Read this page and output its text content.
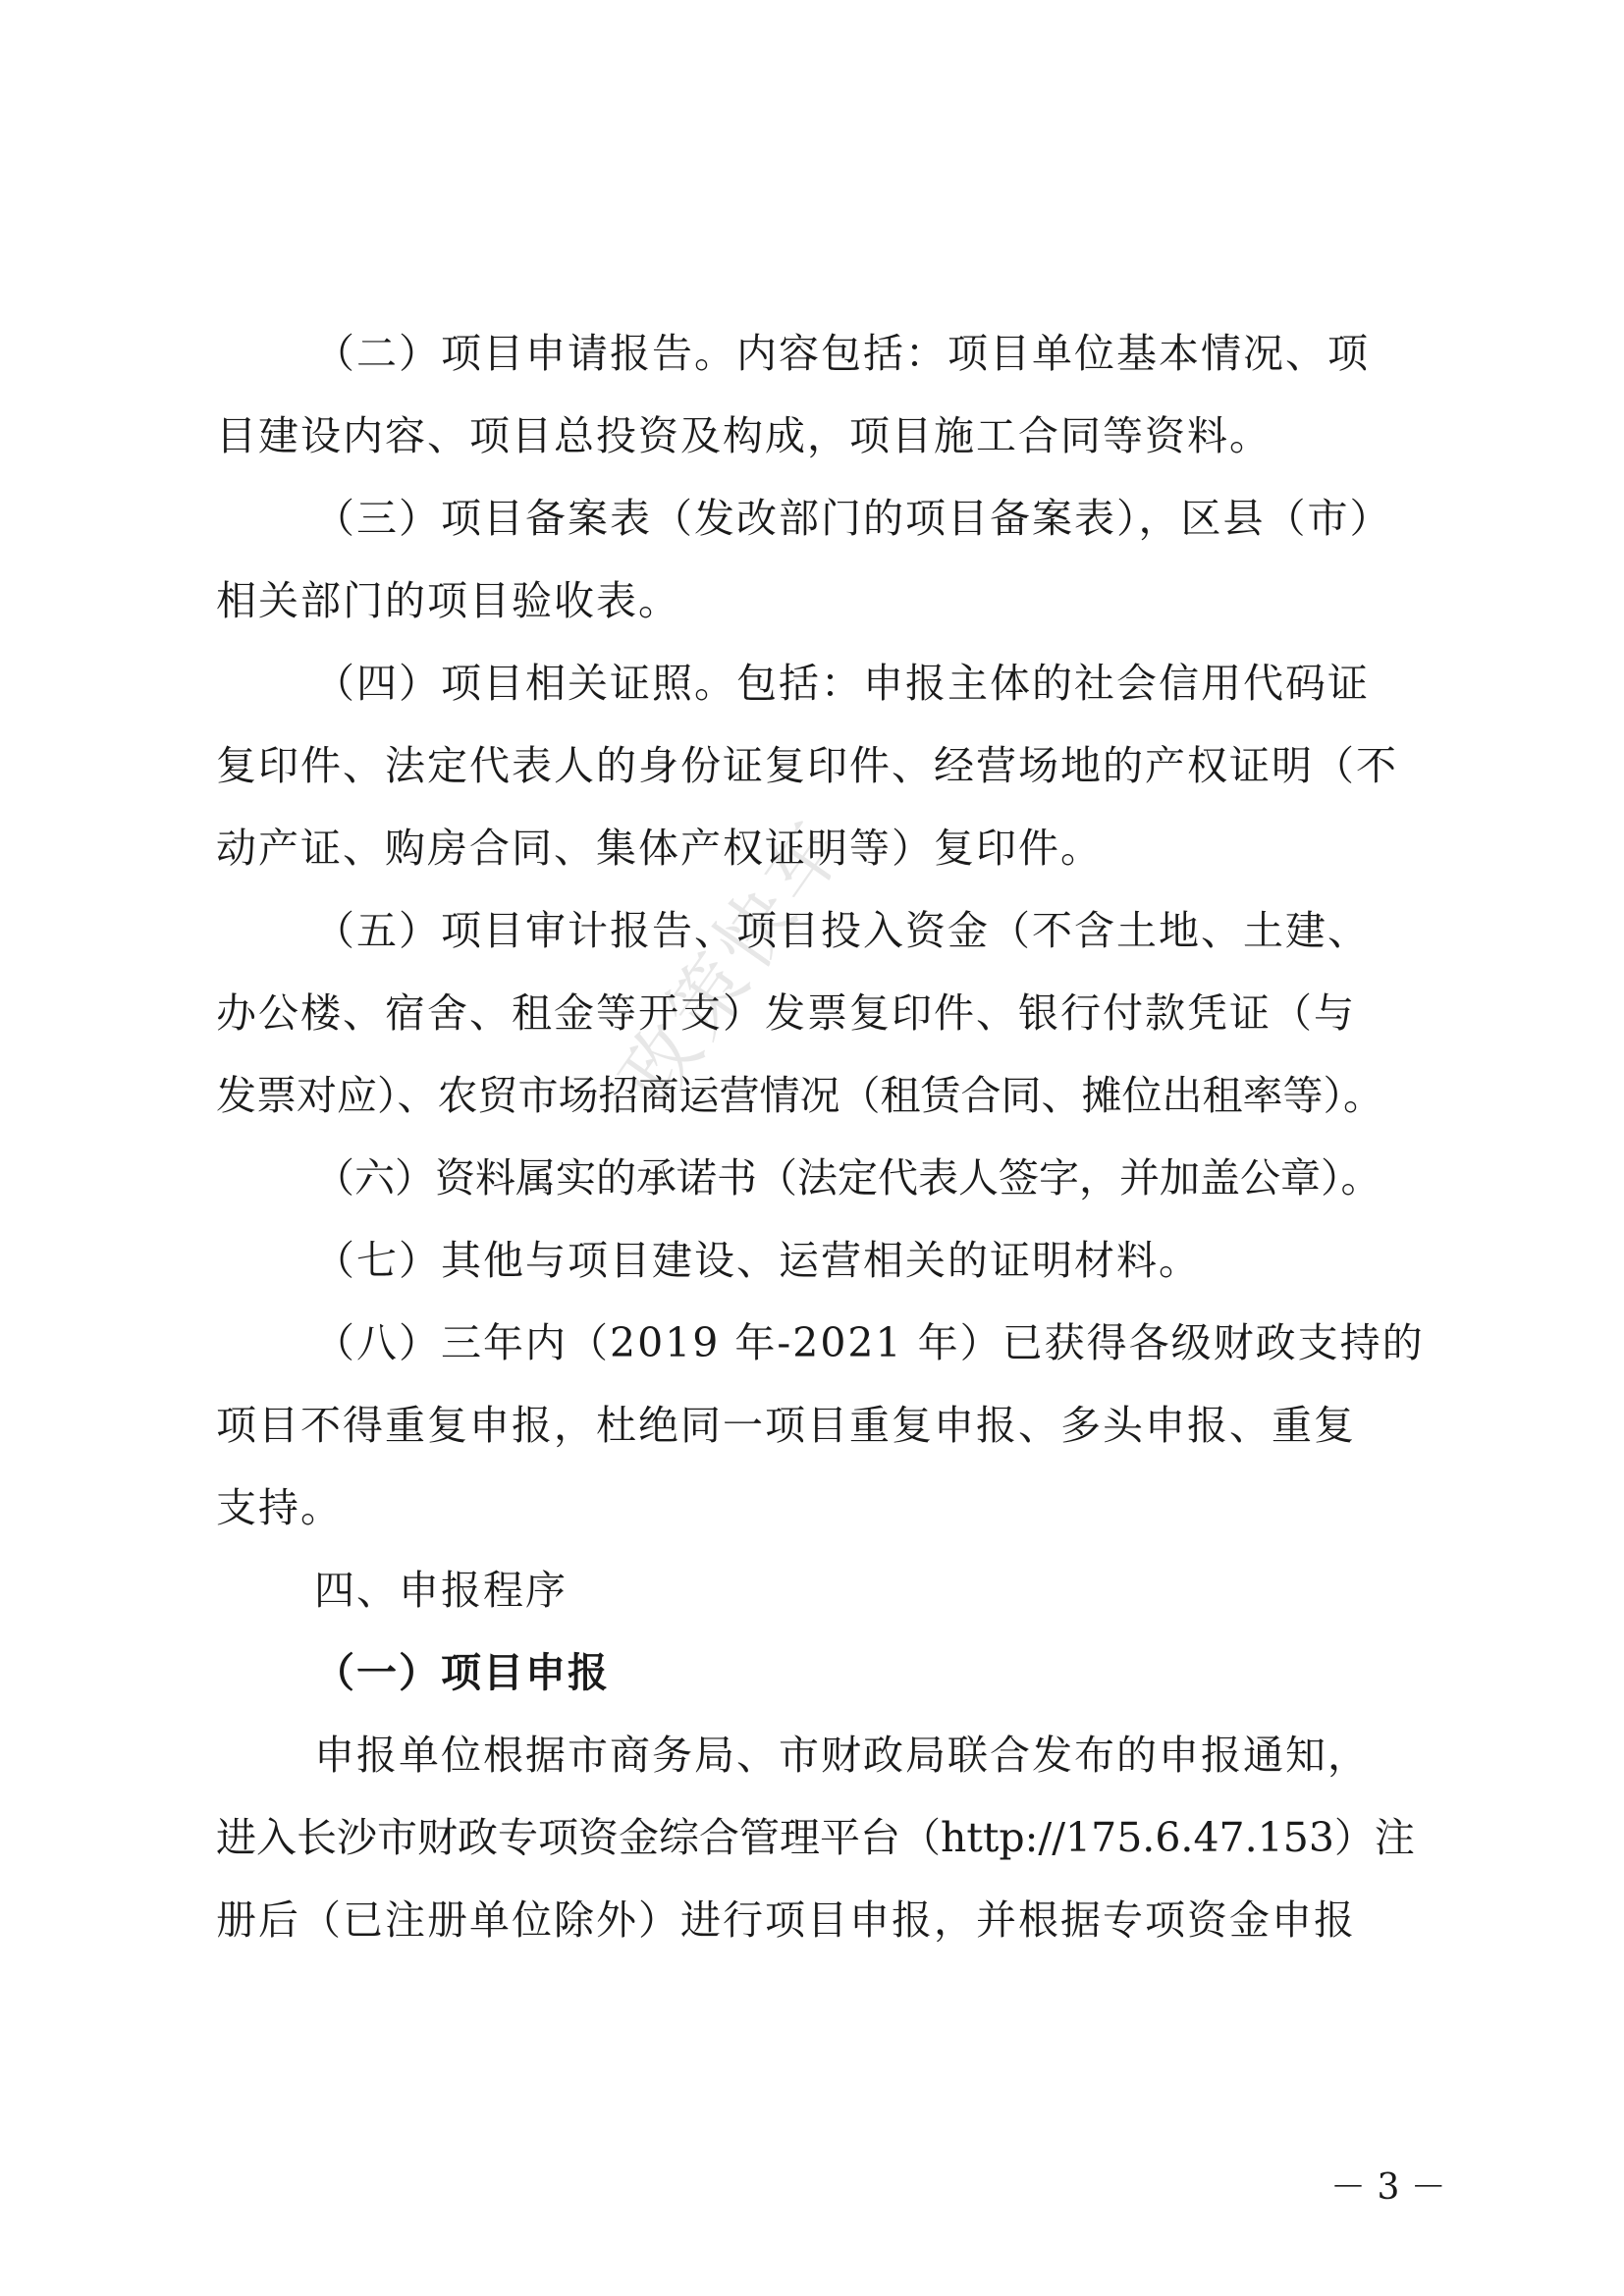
政策快车
（二）项目申请报告。内容包括：项目单位基本情况、项
目建设内容、项目总投资及构成，项目施工合同等资料。
（三）项目备案表（发改部门的项目备案表），区县（市）
相关部门的项目验收表。
（四）项目相关证照。包括：申报主体的社会信用代码证
复印件、法定代表人的身份证复印件、经营场地的产权证明（不
动产证、购房合同、集体产权证明等）复印件。
（五）项目审计报告、项目投入资金（不含土地、土建、
办公楼、宿舍、租金等开支）发票复印件、银行付款凭证（与
发票对应）、农贸市场招商运营情况（租赁合同、摊位出租率等）。
（六）资料属实的承诺书（法定代表人签字，并加盖公章）。
（七）其他与项目建设、运营相关的证明材料。
（八）三年内（2019 年-2021 年）已获得各级财政支持的
项目不得重复申报，杜绝同一项目重复申报、多头申报、重复
支持。
四、申报程序
（一）项目申报
申报单位根据市商务局、市财政局联合发布的申报通知，
进入长沙市财政专项资金综合管理平台（http://175.6.47.153）注
册后（已注册单位除外）进行项目申报，并根据专项资金申报
－ 3 －
